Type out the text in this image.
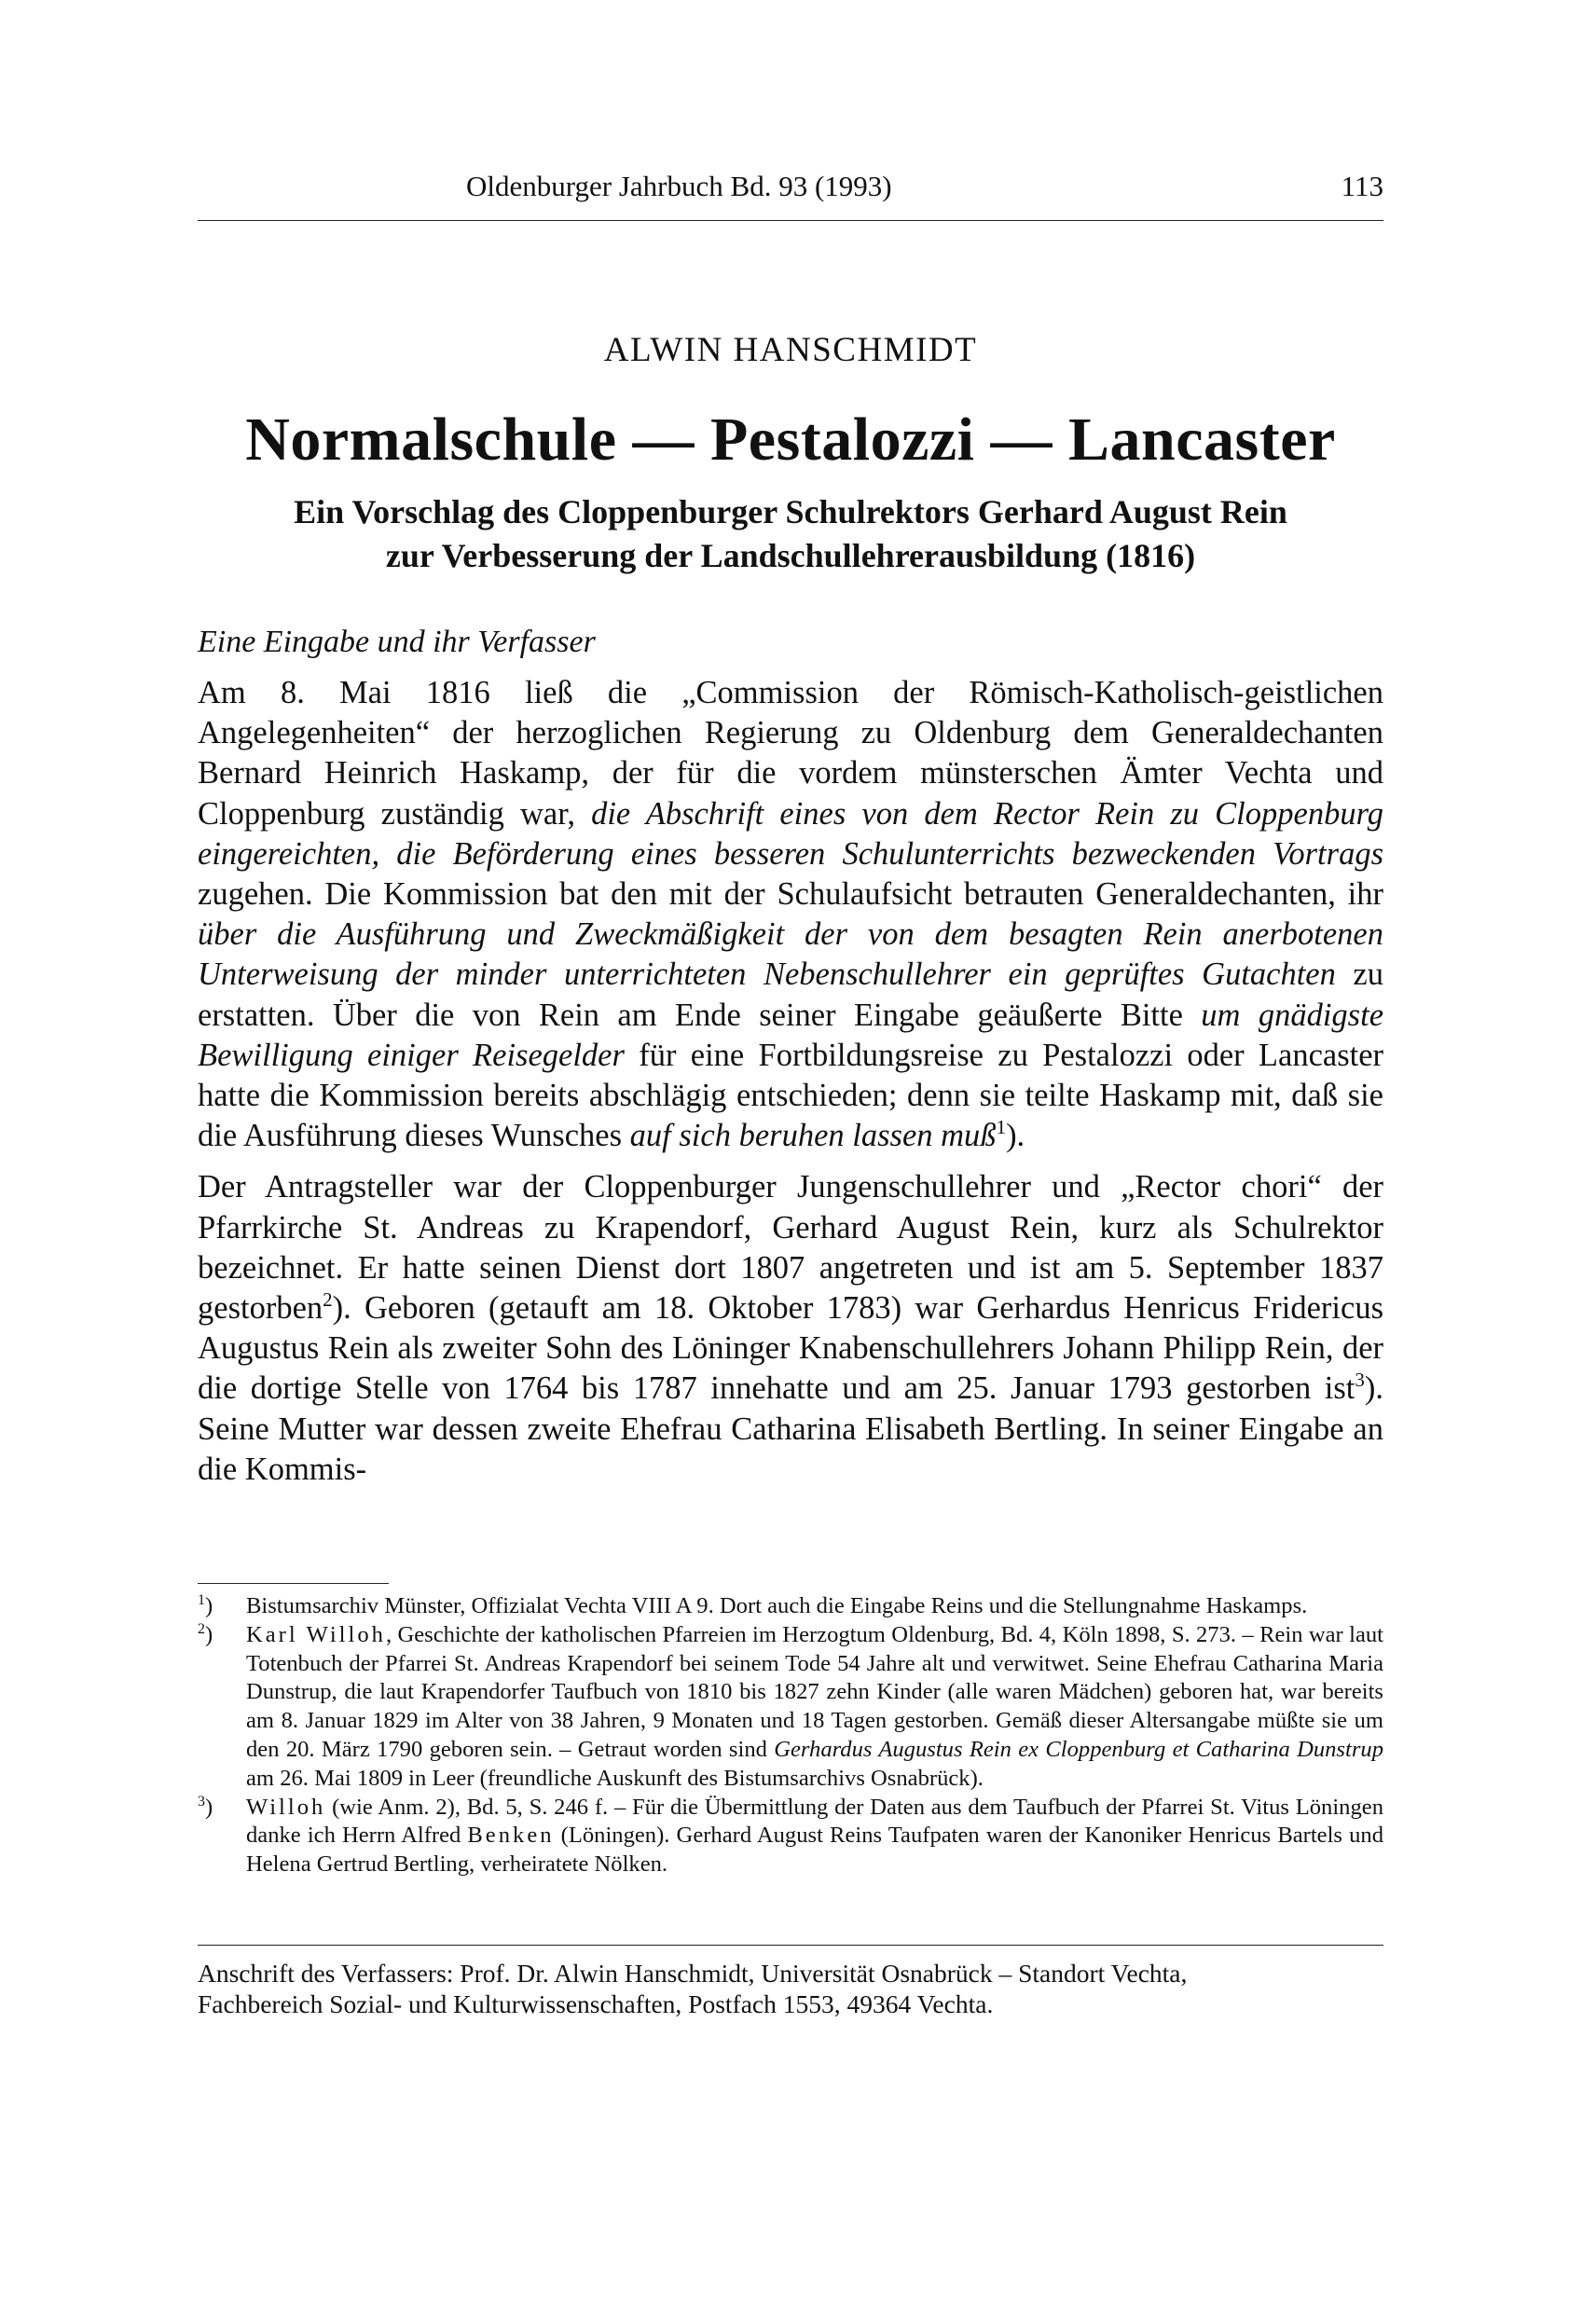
Oldenburger Jahrbuch Bd. 93 (1993)	113
ALWIN HANSCHMIDT
Normalschule — Pestalozzi — Lancaster
Ein Vorschlag des Cloppenburger Schulrektors Gerhard August Rein
zur Verbesserung der Landschullehrerausbildung (1816)
Eine Eingabe und ihr Verfasser

Am 8. Mai 1816 ließ die „Commission der Römisch-Katholisch-geistlichen Angelegenheiten“ der herzoglichen Regierung zu Oldenburg dem Generaldechanten Bernard Heinrich Haskamp, der für die vordem münsterschen Ämter Vechta und Cloppenburg zuständig war, die Abschrift eines von dem Rector Rein zu Cloppenburg eingereichten, die Beförderung eines besseren Schulunterrichts bezweckenden Vortrags zugehen. Die Kommission bat den mit der Schulaufsicht betrauten Generaldechanten, ihr über die Ausführung und Zweckmäßigkeit der von dem besagten Rein anerbotenen Unterweisung der minder unterrichteten Nebenschullehrer ein geprüftes Gutachten zu erstatten. Über die von Rein am Ende seiner Eingabe geäußerte Bitte um gnädigste Bewilligung einiger Reisegelder für eine Fortbildungsreise zu Pestalozzi oder Lancaster hatte die Kommission bereits abschlägig entschieden; denn sie teilte Haskamp mit, daß sie die Ausführung dieses Wunsches auf sich beruhen lassen muß$^1$).

Der Antragsteller war der Cloppenburger Jungenschullehrer und „Rector chori“ der Pfarrkirche St. Andreas zu Krapendorf, Gerhard August Rein, kurz als Schulrektor bezeichnet. Er hatte seinen Dienst dort 1807 angetreten und ist am 5. September 1837 gestorben$^2$). Geboren (getauft am 18. Oktober 1783) war Gerhardus Henricus Fridericus Augustus Rein als zweiter Sohn des Löninger Knabenschullehrers Johann Philipp Rein, der die dortige Stelle von 1764 bis 1787 innehatte und am 25. Januar 1793 gestorben ist$^3$). Seine Mutter war dessen zweite Ehefrau Catharina Elisabeth Bertling. In seiner Eingabe an die Kommis-

$^1$) Bistumsarchiv Münster, Offizialat Vechta VIII A 9. Dort auch die Eingabe Reins und die Stellungnahme Haskamps.
$^2$) Karl Willoh, Geschichte der katholischen Pfarreien im Herzogtum Oldenburg, Bd. 4, Köln 1898, S. 273. – Rein war laut Totenbuch der Pfarrei St. Andreas Krapendorf bei seinem Tode 54 Jahre alt und verwitwet. Seine Ehefrau Catharina Maria Dunstrup, die laut Krapendorfer Taufbuch von 1810 bis 1827 zehn Kinder (alle waren Mädchen) geboren hat, war bereits am 8. Januar 1829 im Alter von 38 Jahren, 9 Monaten und 18 Tagen gestorben. Gemäß dieser Altersangabe müßte sie um den 20. März 1790 geboren sein. – Getraut worden sind Gerhardus Augustus Rein ex Cloppenburg et Catharina Dunstrup am 26. Mai 1809 in Leer (freundliche Auskunft des Bistumsarchivs Osnabrück).
$^3$) Willoh (wie Anm. 2), Bd. 5, S. 246 f. – Für die Übermittlung der Daten aus dem Taufbuch der Pfarrei St. Vitus Löningen danke ich Herrn Alfred Benken (Löningen). Gerhard August Reins Taufpaten waren der Kanoniker Henricus Bartels und Helena Gertrud Bertling, verheiratete Nölken.
Anschrift des Verfassers: Prof. Dr. Alwin Hanschmidt, Universität Osnabrück – Standort Vechta,
Fachbereich Sozial- und Kulturwissenschaften, Postfach 1553, 49364 Vechta.
